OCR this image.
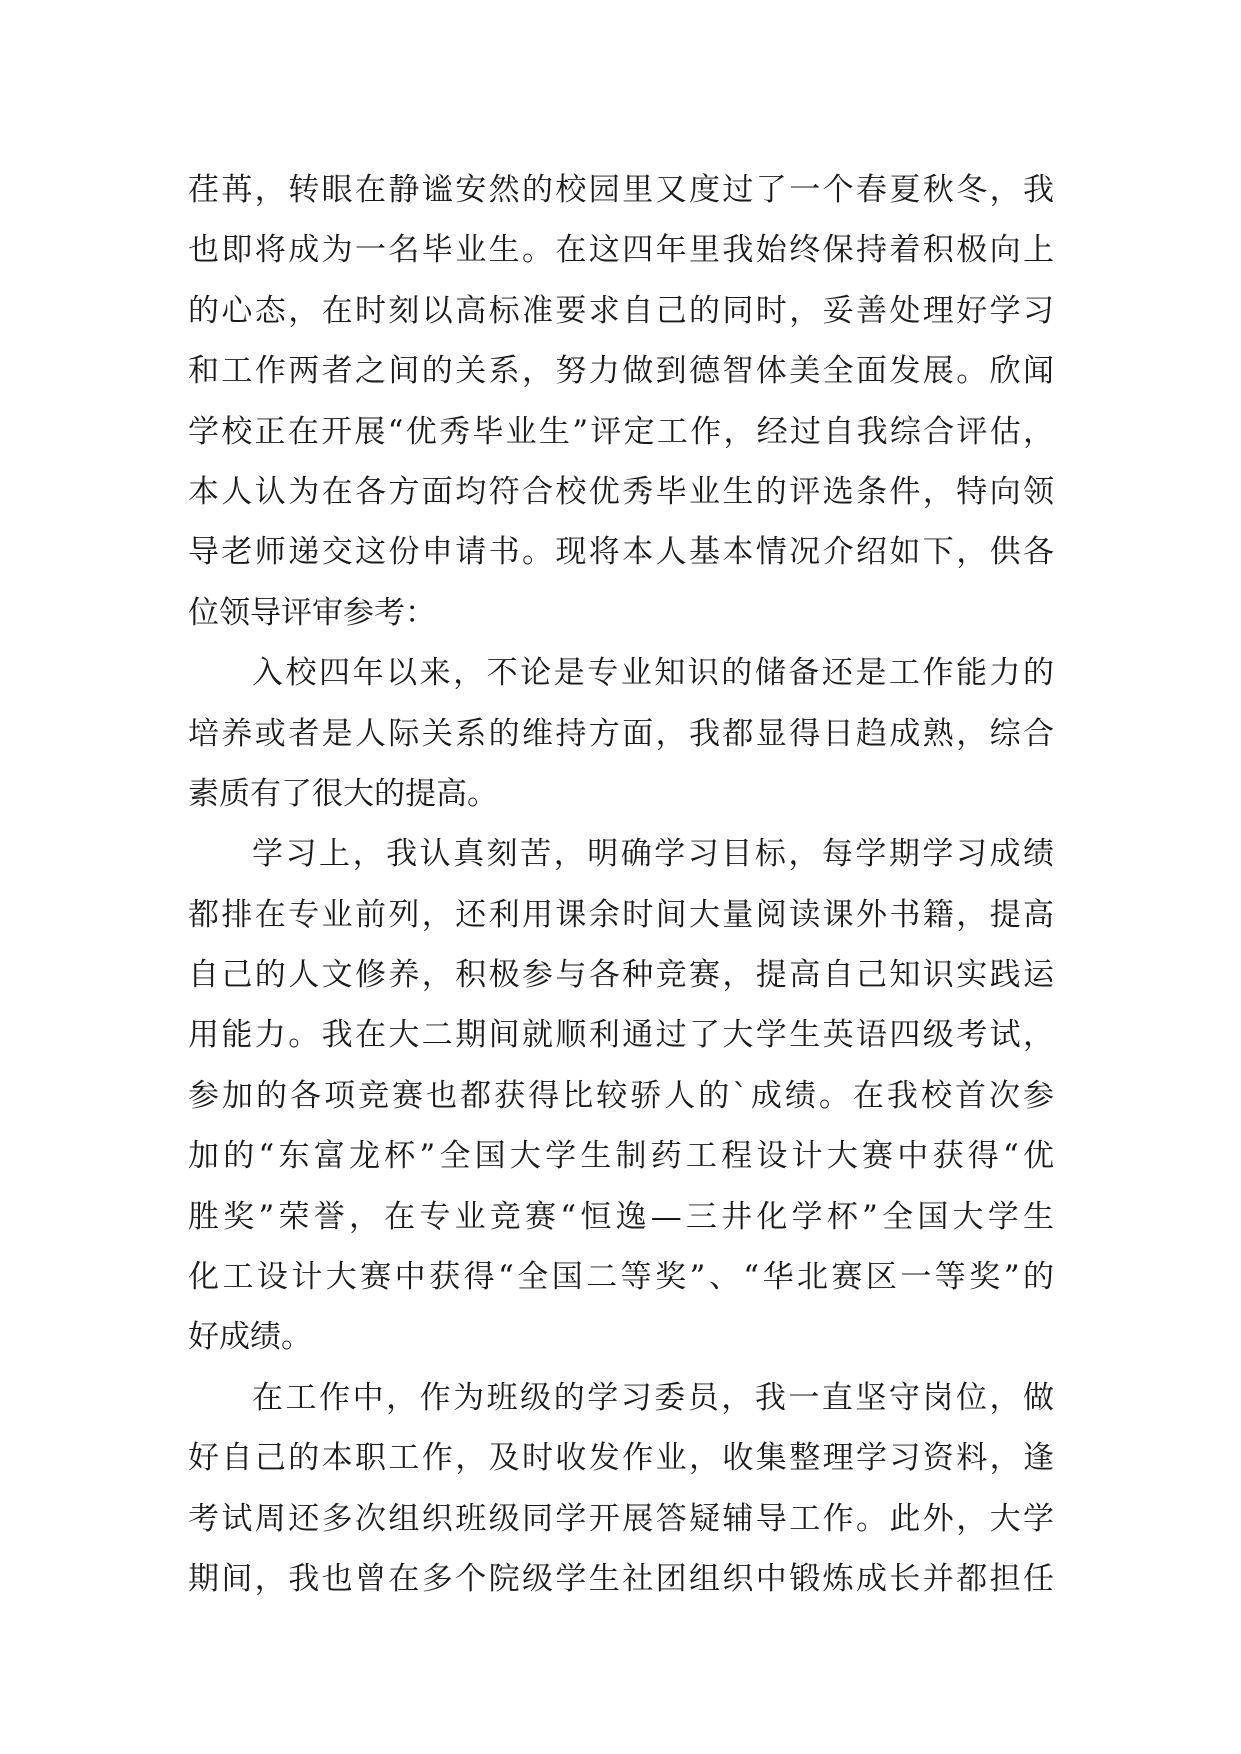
荏苒，转眼在静谧安然的校园里又度过了一个春夏秋冬，我
也即将成为一名毕业生。在这四年里我始终保持着积极向上
的心态，在时刻以高标准要求自己的同时，妥善处理好学习
和工作两者之间的关系，努力做到德智体美全面发展。欣闻
学校正在开展“优秀毕业生”评定工作，经过自我综合评估，
本人认为在各方面均符合校优秀毕业生的评选条件，特向领
导老师递交这份申请书。现将本人基本情况介绍如下，供各
位领导评审参考：
入校四年以来，不论是专业知识的储备还是工作能力的
培养或者是人际关系的维持方面，我都显得日趋成熟，综合
素质有了很大的提高。
学习上，我认真刻苦，明确学习目标，每学期学习成绩
都排在专业前列，还利用课余时间大量阅读课外书籍，提高
自己的人文修养，积极参与各种竞赛，提高自己知识实践运
用能力。我在大二期间就顺利通过了大学生英语四级考试，
参加的各项竞赛也都获得比较骄人的`成绩。在我校首次参
加的“东富龙杯”全国大学生制药工程设计大赛中获得“优
胜奖”荣誉，在专业竞赛“恒逸—三井化学杯”全国大学生
化工设计大赛中获得“全国二等奖”、“华北赛区一等奖”的
好成绩。
在工作中，作为班级的学习委员，我一直坚守岗位，做
好自己的本职工作，及时收发作业，收集整理学习资料，逢
考试周还多次组织班级同学开展答疑辅导工作。此外，大学
期间，我也曾在多个院级学生社团组织中锻炼成长并都担任
